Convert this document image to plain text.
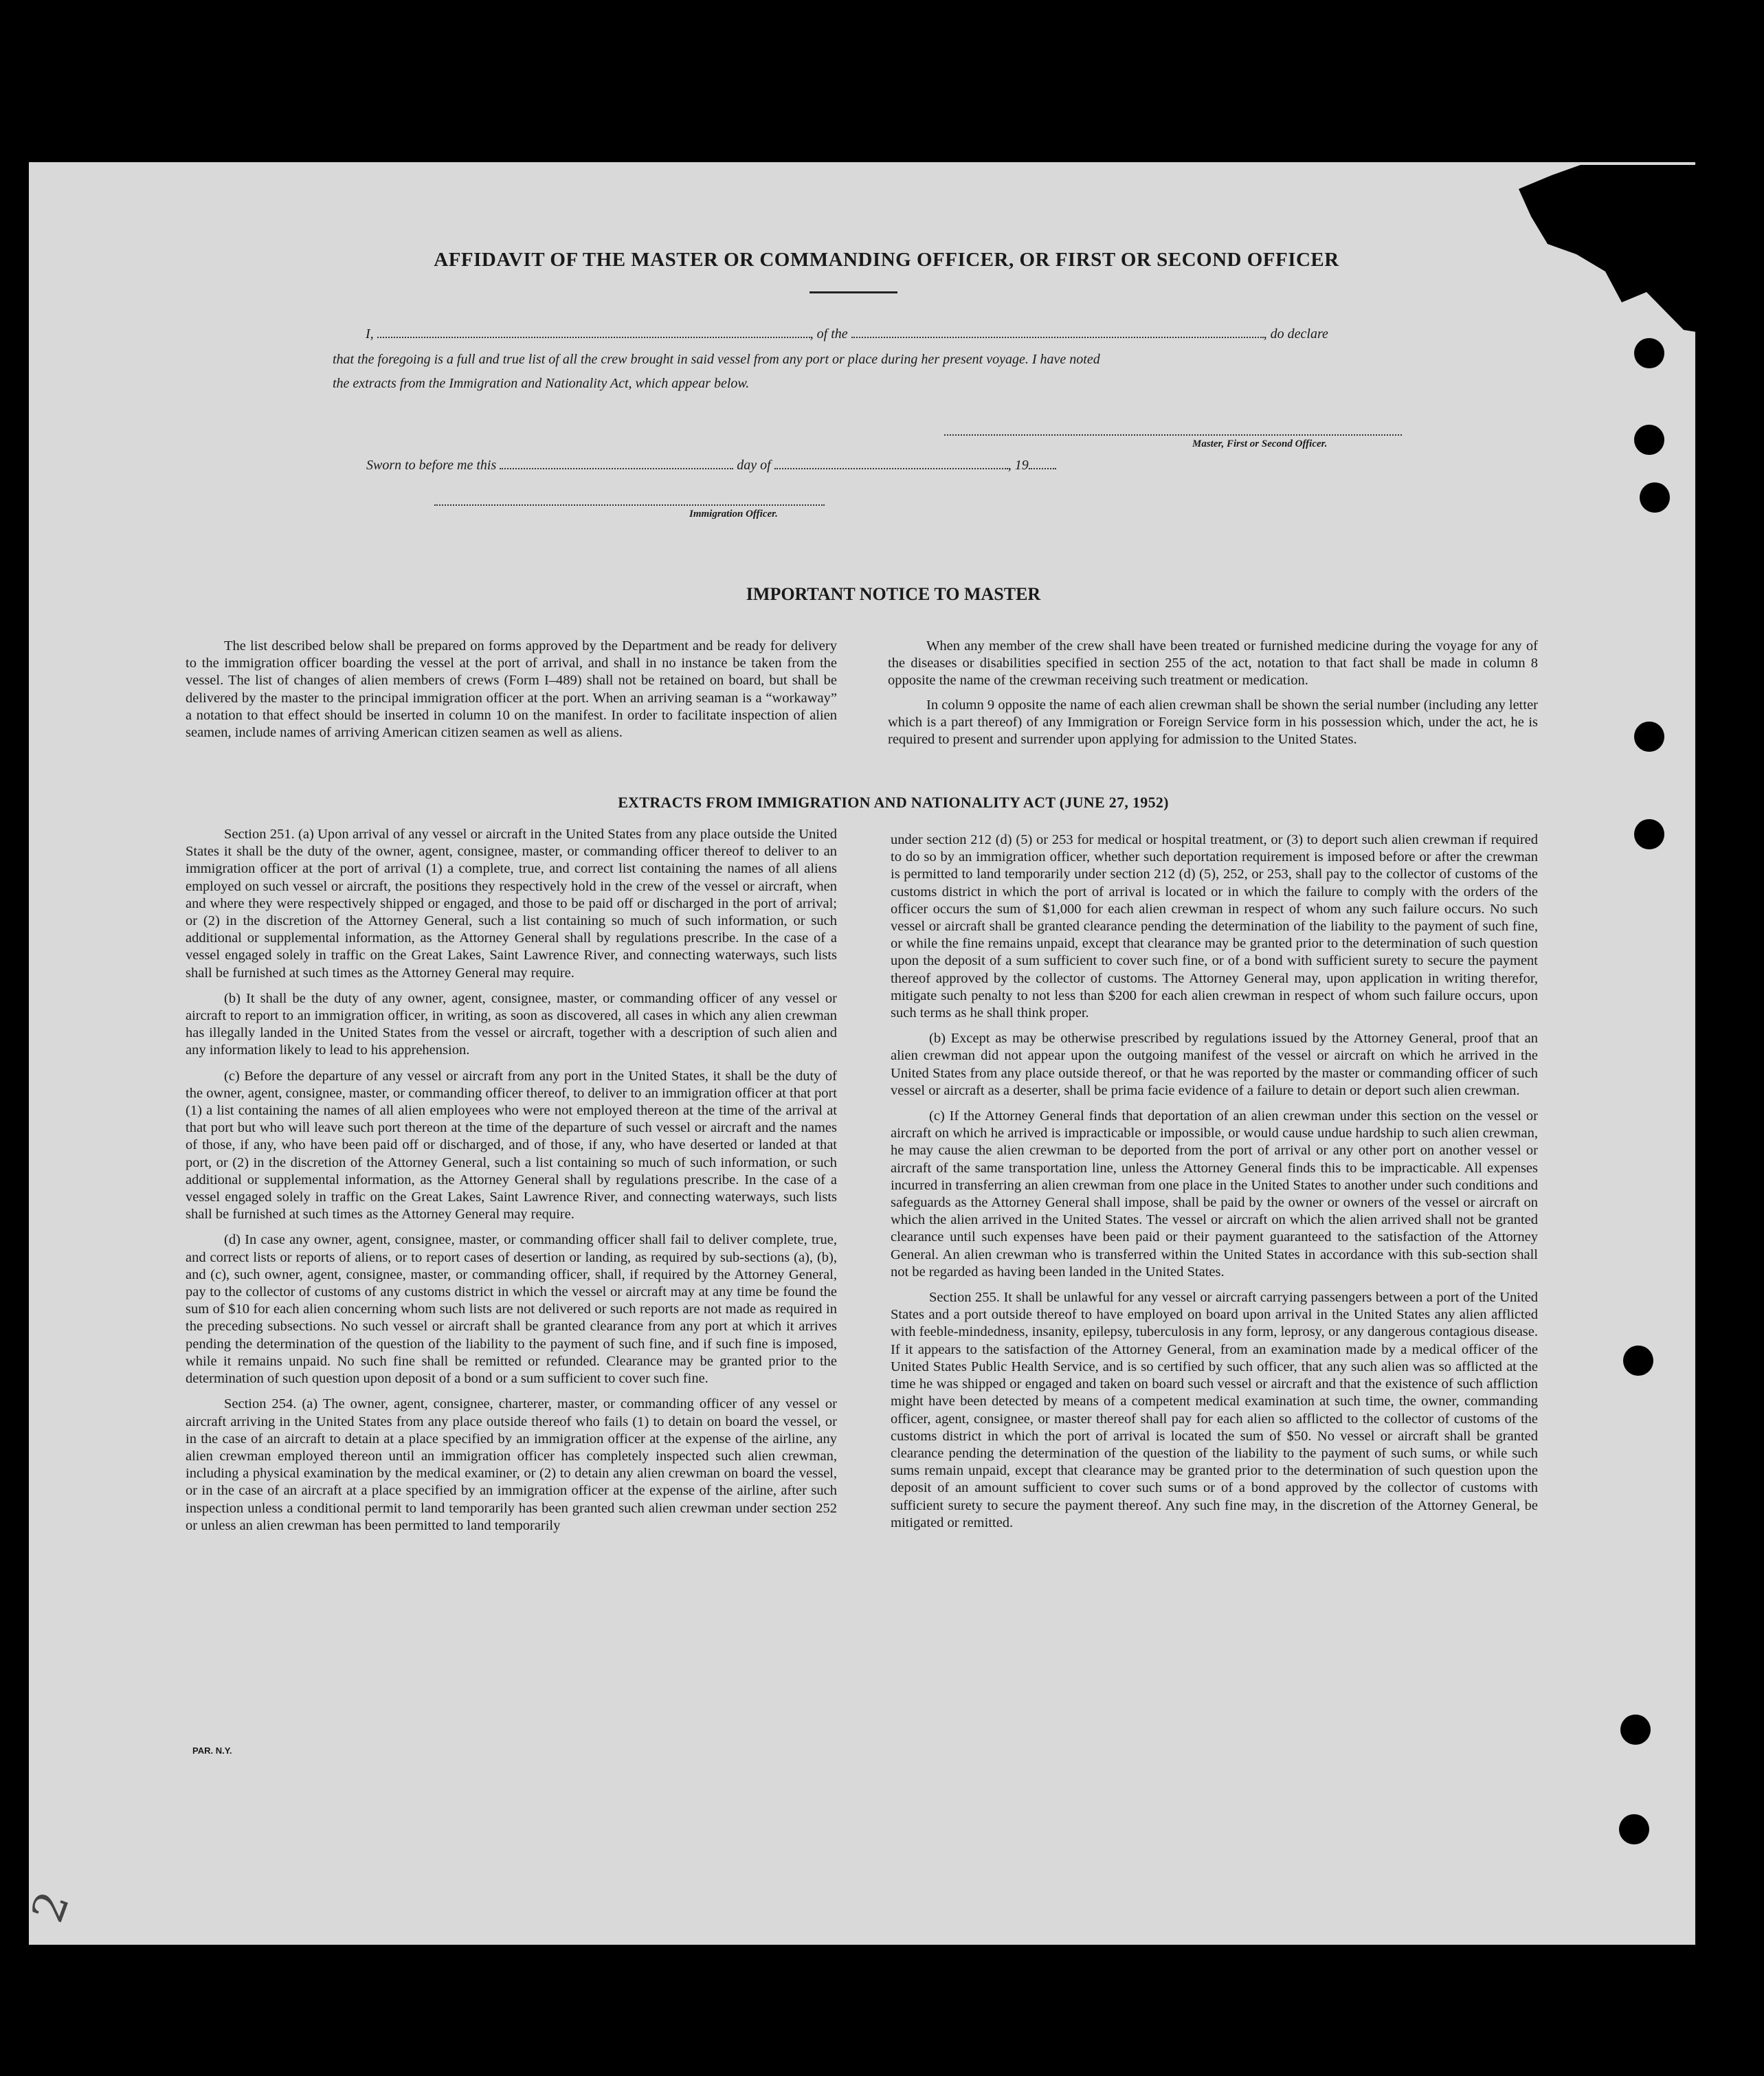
AFFIDAVIT OF THE MASTER OR COMMANDING OFFICER, OR FIRST OR SECOND OFFICER
I,	, of the	, do declare
that the foregoing is a full and true list of all the crew brought in said vessel from any port or place during her present voyage. I have noted
the extracts from the Immigration and Nationality Act, which appear below.
Master, First or Second Officer.
Sworn to before me this	day of	, 19
Immigration Officer.
IMPORTANT NOTICE TO MASTER

The list described below shall be prepared on forms approved by the Department and be ready for delivery to the immigration officer boarding the vessel at the port of arrival, and shall in no instance be taken from the vessel. The list of changes of alien members of crews (Form I–489) shall not be retained on board, but shall be delivered by the master to the principal immigration officer at the port. When an arriving seaman is a “workaway” a notation to that effect should be inserted in column 10 on the manifest. In order to facilitate inspection of alien seamen, include names of arriving American citizen seamen as well as aliens.

When any member of the crew shall have been treated or furnished medicine during the voyage for any of the diseases or disabilities specified in section 255 of the act, notation to that fact shall be made in column 8 opposite the name of the crewman receiving such treatment or medication.

In column 9 opposite the name of each alien crewman shall be shown the serial number (including any letter which is a part thereof) of any Immigration or Foreign Service form in his possession which, under the act, he is required to present and surrender upon applying for admission to the United States.

EXTRACTS FROM IMMIGRATION AND NATIONALITY ACT (JUNE 27, 1952)

Section 251. (a) Upon arrival of any vessel or aircraft in the United States from any place outside the United States it shall be the duty of the owner, agent, consignee, master, or commanding officer thereof to deliver to an immigration officer at the port of arrival (1) a complete, true, and correct list containing the names of all aliens employed on such vessel or aircraft, the positions they respectively hold in the crew of the vessel or aircraft, when and where they were respectively shipped or engaged, and those to be paid off or discharged in the port of arrival; or (2) in the discretion of the Attorney General, such a list containing so much of such information, or such additional or supplemental information, as the Attorney General shall by regulations prescribe. In the case of a vessel engaged solely in traffic on the Great Lakes, Saint Lawrence River, and connecting waterways, such lists shall be furnished at such times as the Attorney General may require.

(b) It shall be the duty of any owner, agent, consignee, master, or commanding officer of any vessel or aircraft to report to an immigration officer, in writing, as soon as discovered, all cases in which any alien crewman has illegally landed in the United States from the vessel or aircraft, together with a description of such alien and any information likely to lead to his apprehension.

(c) Before the departure of any vessel or aircraft from any port in the United States, it shall be the duty of the owner, agent, consignee, master, or commanding officer thereof, to deliver to an immigration officer at that port (1) a list containing the names of all alien employees who were not employed thereon at the time of the arrival at that port but who will leave such port thereon at the time of the departure of such vessel or aircraft and the names of those, if any, who have been paid off or discharged, and of those, if any, who have deserted or landed at that port, or (2) in the discretion of the Attorney General, such a list containing so much of such information, or such additional or supplemental information, as the Attorney General shall by regulations prescribe. In the case of a vessel engaged solely in traffic on the Great Lakes, Saint Lawrence River, and connecting waterways, such lists shall be furnished at such times as the Attorney General may require.

(d) In case any owner, agent, consignee, master, or commanding officer shall fail to deliver complete, true, and correct lists or reports of aliens, or to report cases of desertion or landing, as required by sub-sections (a), (b), and (c), such owner, agent, consignee, master, or commanding officer, shall, if required by the Attorney General, pay to the collector of customs of any customs district in which the vessel or aircraft may at any time be found the sum of $10 for each alien concerning whom such lists are not delivered or such reports are not made as required in the preceding subsections. No such vessel or aircraft shall be granted clearance from any port at which it arrives pending the determination of the question of the liability to the payment of such fine, and if such fine is imposed, while it remains unpaid. No such fine shall be remitted or refunded. Clearance may be granted prior to the determination of such question upon deposit of a bond or a sum sufficient to cover such fine.

Section 254. (a) The owner, agent, consignee, charterer, master, or commanding officer of any vessel or aircraft arriving in the United States from any place outside thereof who fails (1) to detain on board the vessel, or in the case of an aircraft to detain at a place specified by an immigration officer at the expense of the airline, any alien crewman employed thereon until an immigration officer has completely inspected such alien crewman, including a physical examination by the medical examiner, or (2) to detain any alien crewman on board the vessel, or in the case of an aircraft at a place specified by an immigration officer at the expense of the airline, after such inspection unless a conditional permit to land temporarily has been granted such alien crewman under section 252 or unless an alien crewman has been permitted to land temporarily

under section 212 (d) (5) or 253 for medical or hospital treatment, or (3) to deport such alien crewman if required to do so by an immigration officer, whether such deportation requirement is imposed before or after the crewman is permitted to land temporarily under section 212 (d) (5), 252, or 253, shall pay to the collector of customs of the customs district in which the port of arrival is located or in which the failure to comply with the orders of the officer occurs the sum of $1,000 for each alien crewman in respect of whom any such failure occurs. No such vessel or aircraft shall be granted clearance pending the determination of the liability to the payment of such fine, or while the fine remains unpaid, except that clearance may be granted prior to the determination of such question upon the deposit of a sum sufficient to cover such fine, or of a bond with sufficient surety to secure the payment thereof approved by the collector of customs. The Attorney General may, upon application in writing therefor, mitigate such penalty to not less than $200 for each alien crewman in respect of whom such failure occurs, upon such terms as he shall think proper.

(b) Except as may be otherwise prescribed by regulations issued by the Attorney General, proof that an alien crewman did not appear upon the outgoing manifest of the vessel or aircraft on which he arrived in the United States from any place outside thereof, or that he was reported by the master or commanding officer of such vessel or aircraft as a deserter, shall be prima facie evidence of a failure to detain or deport such alien crewman.

(c) If the Attorney General finds that deportation of an alien crewman under this section on the vessel or aircraft on which he arrived is impracticable or impossible, or would cause undue hardship to such alien crewman, he may cause the alien crewman to be deported from the port of arrival or any other port on another vessel or aircraft of the same transportation line, unless the Attorney General finds this to be impracticable. All expenses incurred in transferring an alien crewman from one place in the United States to another under such conditions and safeguards as the Attorney General shall impose, shall be paid by the owner or owners of the vessel or aircraft on which the alien arrived in the United States. The vessel or aircraft on which the alien arrived shall not be granted clearance until such expenses have been paid or their payment guaranteed to the satisfaction of the Attorney General. An alien crewman who is transferred within the United States in accordance with this sub-section shall not be regarded as having been landed in the United States.

Section 255. It shall be unlawful for any vessel or aircraft carrying passengers between a port of the United States and a port outside thereof to have employed on board upon arrival in the United States any alien afflicted with feeble-mindedness, insanity, epilepsy, tuberculosis in any form, leprosy, or any dangerous contagious disease. If it appears to the satisfaction of the Attorney General, from an examination made by a medical officer of the United States Public Health Service, and is so certified by such officer, that any such alien was so afflicted at the time he was shipped or engaged and taken on board such vessel or aircraft and that the existence of such affliction might have been detected by means of a competent medical examination at such time, the owner, commanding officer, agent, consignee, or master thereof shall pay for each alien so afflicted to the collector of customs of the customs district in which the port of arrival is located the sum of $50. No vessel or aircraft shall be granted clearance pending the determination of the question of the liability to the payment of such sums, or while such sums remain unpaid, except that clearance may be granted prior to the determination of such question upon the deposit of an amount sufficient to cover such sums or of a bond approved by the collector of customs with sufficient surety to secure the payment thereof. Any such fine may, in the discretion of the Attorney General, be mitigated or remitted.

PAR. N.Y.
2
